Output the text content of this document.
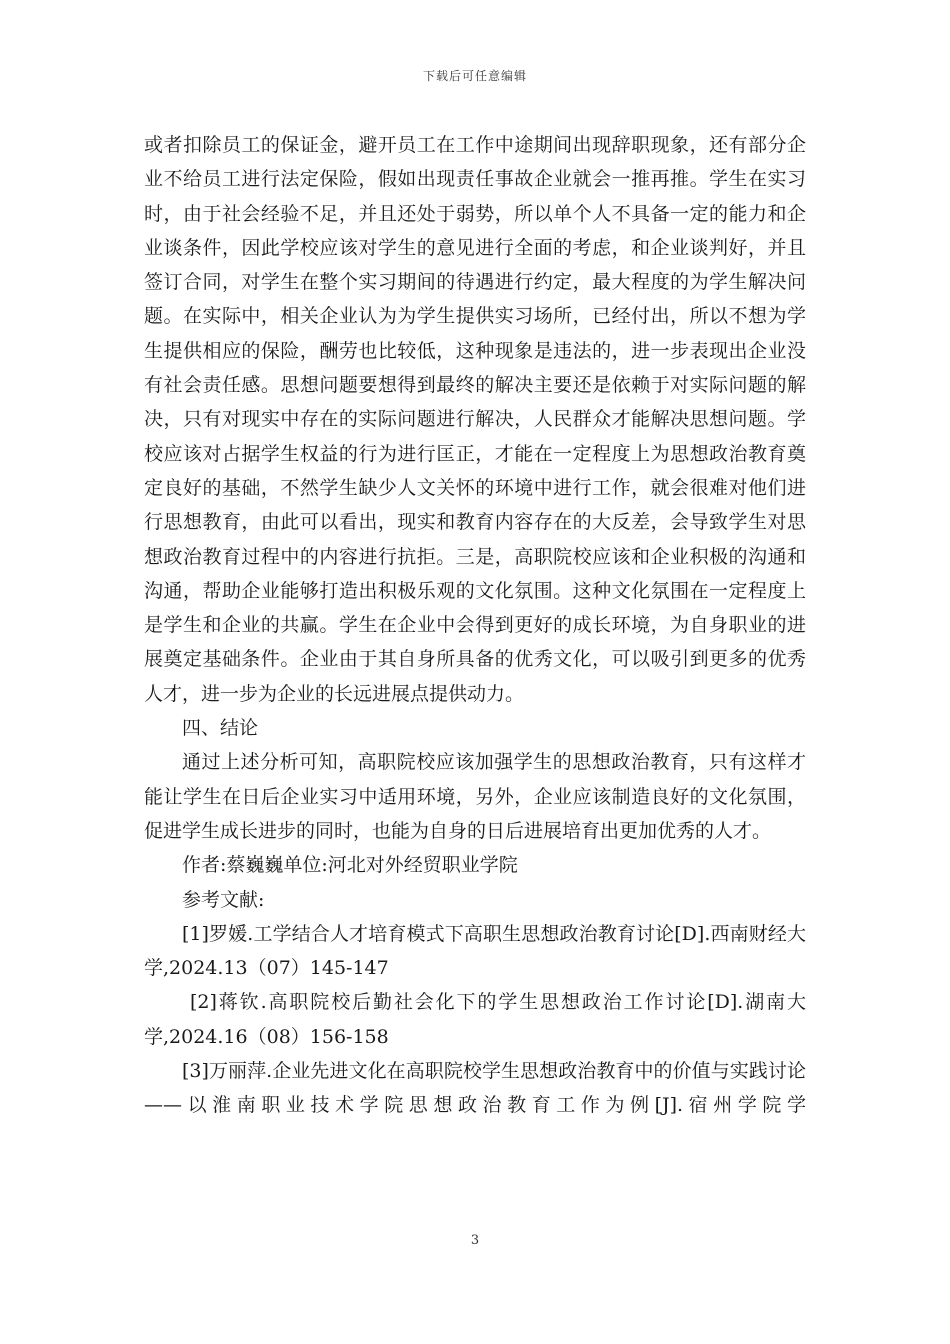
下载后可任意编辑

或者扣除员工的保证金，避开员工在工作中途期间出现辞职现象，还有部分企业不给员工进行法定保险，假如出现责任事故企业就会一推再推。学生在实习时，由于社会经验不足，并且还处于弱势，所以单个人不具备一定的能力和企业谈条件，因此学校应该对学生的意见进行全面的考虑，和企业谈判好，并且签订合同，对学生在整个实习期间的待遇进行约定，最大程度的为学生解决问题。在实际中，相关企业认为为学生提供实习场所，已经付出，所以不想为学生提供相应的保险，酬劳也比较低，这种现象是违法的，进一步表现出企业没有社会责任感。思想问题要想得到最终的解决主要还是依赖于对实际问题的解决，只有对现实中存在的实际问题进行解决，人民群众才能解决思想问题。学校应该对占据学生权益的行为进行匡正，才能在一定程度上为思想政治教育奠定良好的基础，不然学生缺少人文关怀的环境中进行工作，就会很难对他们进行思想教育，由此可以看出，现实和教育内容存在的大反差，会导致学生对思想政治教育过程中的内容进行抗拒。三是，高职院校应该和企业积极的沟通和沟通，帮助企业能够打造出积极乐观的文化氛围。这种文化氛围在一定程度上是学生和企业的共赢。学生在企业中会得到更好的成长环境，为自身职业的进展奠定基础条件。企业由于其自身所具备的优秀文化，可以吸引到更多的优秀人才，进一步为企业的长远进展点提供动力。

四、结论

通过上述分析可知，高职院校应该加强学生的思想政治教育，只有这样才能让学生在日后企业实习中适用环境，另外，企业应该制造良好的文化氛围，促进学生成长进步的同时，也能为自身的日后进展培育出更加优秀的人才。

作者:蔡巍巍单位:河北对外经贸职业学院

参考文献:

[1]罗媛.工学结合人才培育模式下高职生思想政治教育讨论[D].西南财经大学,2024.13（07）145-147

[2]蒋钦.高职院校后勤社会化下的学生思想政治工作讨论[D].湖南大学,2024.16（08）156-158

[3]万丽萍.企业先进文化在高职院校学生思想政治教育中的价值与实践讨论——以淮南职业技术学院思想政治教育工作为例[J].宿州学院学

3
